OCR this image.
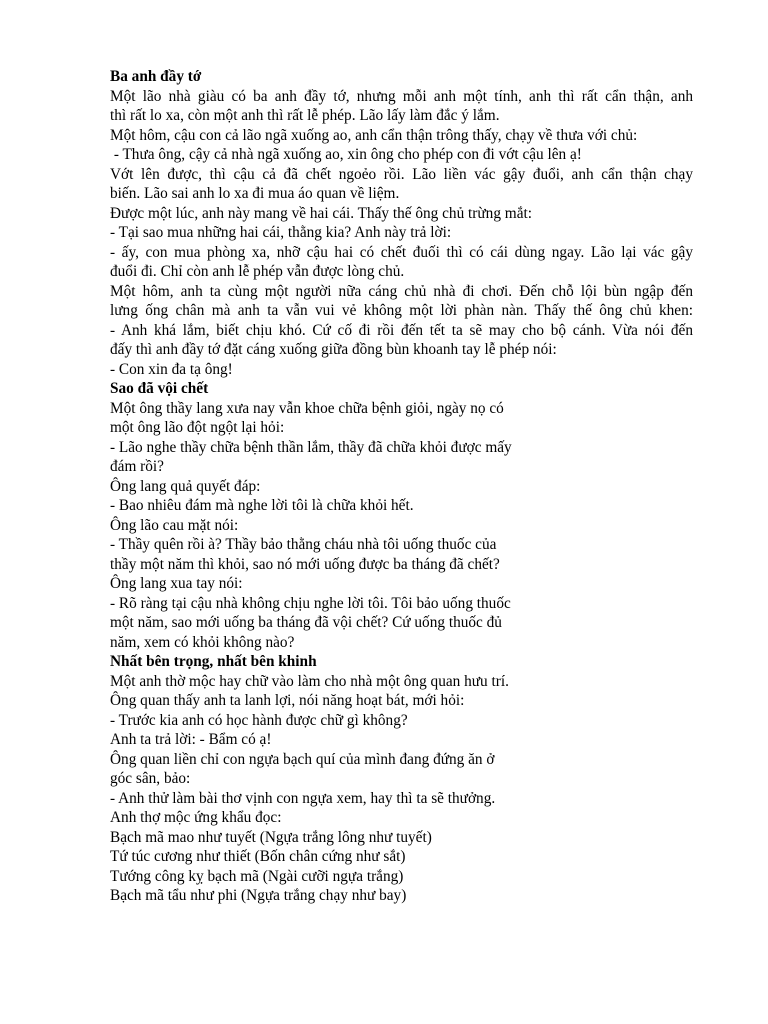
Ba anh đầy tớ
Một lão nhà giàu có ba anh đầy tớ, nhưng mỗi anh một tính, anh thì rất cẩn thận, anh
thì rất lo xa, còn một anh thì rất lễ phép. Lão lấy làm đắc ý lắm.
Một hôm, cậu con cả lão ngã xuống ao, anh cẩn thận trông thấy, chạy về thưa với chủ:
- Thưa ông, cậy cả nhà ngã xuống ao, xin ông cho phép con đi vớt cậu lên ạ!
Vớt lên được, thì cậu cả đã chết ngoẻo rồi. Lão liền vác gậy đuổi, anh cẩn thận chạy
biến. Lão sai anh lo xa đi mua áo quan về liệm.
Được một lúc, anh này mang về hai cái. Thấy thế ông chủ trừng mắt:
- Tại sao mua những hai cái, thằng kia? Anh này trả lời:
- ấy, con mua phòng xa, nhỡ cậu hai có chết đuối thì có cái dùng ngay. Lão lại vác gậy
đuổi đi. Chỉ còn anh lễ phép vẫn được lòng chủ.
Một hôm, anh ta cùng một người nữa cáng chủ nhà đi chơi. Đến chỗ lội bùn ngập đến
lưng ống chân mà anh ta vẫn vui vẻ không một lời phàn nàn. Thấy thế ông chủ khen:
- Anh khá lắm, biết chịu khó. Cứ cố đi rồi đến tết ta sẽ may cho bộ cánh. Vừa nói đến
đấy thì anh đầy tớ đặt cáng xuống giữa đồng bùn khoanh tay lễ phép nói:
- Con xin đa tạ ông!
Sao đã vội chết
Một ông thầy lang xưa nay vẫn khoe chữa bệnh giỏi, ngày nọ có
một ông lão đột ngột lại hỏi:
- Lão nghe thầy chữa bệnh thần lắm, thầy đã chữa khỏi được mấy
đám rồi?
Ông lang quả quyết đáp:
- Bao nhiêu đám mà nghe lời tôi là chữa khỏi hết.
Ông lão cau mặt nói:
- Thầy quên rồi à? Thầy bảo thằng cháu nhà tôi uống thuốc của
thầy một năm thì khỏi, sao nó mới uống được ba tháng đã chết?
Ông lang xua tay nói:
- Rõ ràng tại cậu nhà không chịu nghe lời tôi. Tôi bảo uống thuốc
một năm, sao mới uống ba tháng đã vội chết? Cứ uống thuốc đủ
năm, xem có khỏi không nào?
Nhất bên trọng, nhất bên khinh
Một anh thờ mộc hay chữ vào làm cho nhà một ông quan hưu trí.
Ông quan thấy anh ta lanh lợi, nói năng hoạt bát, mới hỏi:
- Trước kia anh có học hành được chữ gì không?
Anh ta trả lời: - Bẩm có ạ!
Ông quan liền chỉ con ngựa bạch quí của mình đang đứng ăn ở
góc sân, bảo:
- Anh thử làm bài thơ vịnh con ngựa xem, hay thì ta sẽ thưởng.
Anh thợ mộc ứng khẩu đọc:
Bạch mã mao như tuyết (Ngựa trắng lông như tuyết)
Tứ túc cương như thiết (Bốn chân cứng như sắt)
Tướng công kỵ bạch mã (Ngài cưỡi ngựa trắng)
Bạch mã tẩu như phi (Ngựa trắng chạy như bay)
